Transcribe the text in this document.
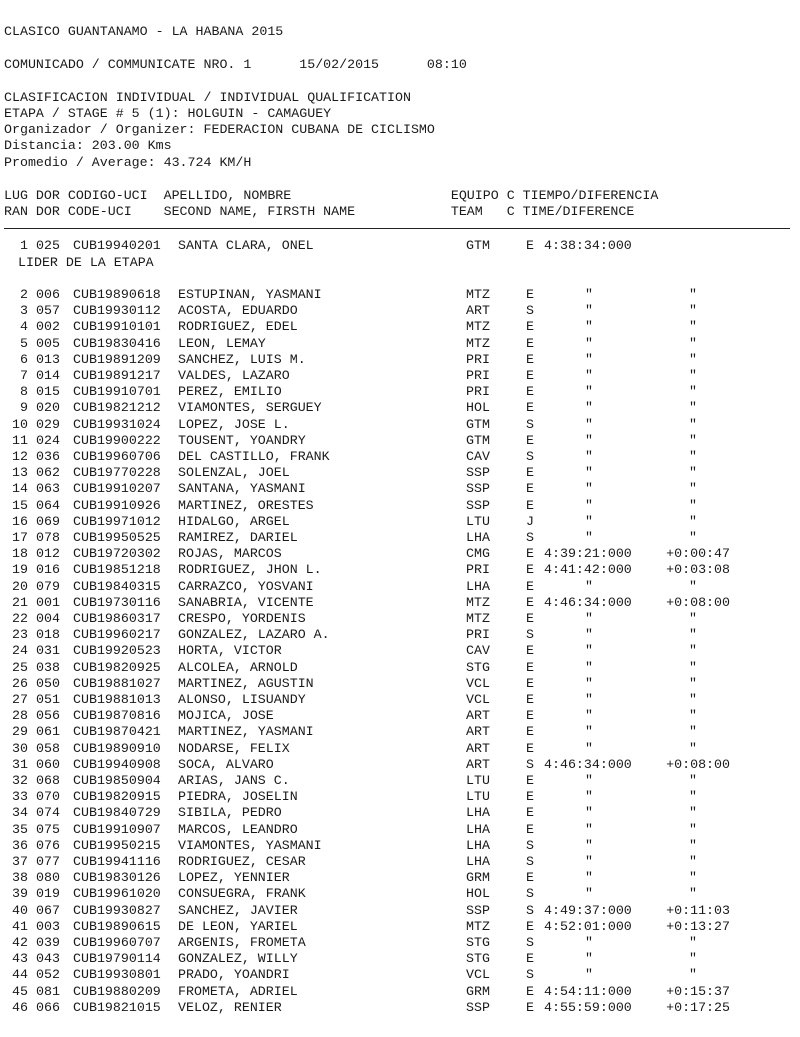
CLASICO GUANTANAMO - LA HABANA 2015
COMUNICADO / COMMUNICATE NRO. 1      15/02/2015      08:10
CLASIFICACION INDIVIDUAL / INDIVIDUAL QUALIFICATION
ETAPA / STAGE # 5 (1): HOLGUIN - CAMAGUEY
Organizador / Organizer: FEDERACION CUBANA DE CICLISMO
Distancia: 203.00 Kms
Promedio / Average: 43.724 KM/H
LUG DOR CODIGO-UCI  APELLIDO, NOMBRE                    EQUIPO C TIEMPO/DIFERENCIA
RAN DOR CODE-UCI    SECOND NAME, FIRSTH NAME            TEAM   C TIME/DIFERENCE
1 025 CUB19940201 SANTA CLARA, ONEL	GTM	E 4:38:34:000
LIDER DE LA ETAPA
2 006 CUB19890618 ESTUPINAN, YASMANI	MTZ	E	"	"
3 057 CUB19930112 ACOSTA, EDUARDO	ART	S	"	"
4 002 CUB19910101 RODRIGUEZ, EDEL	MTZ	E	"	"
5 005 CUB19830416 LEON, LEMAY	MTZ	E	"	"
6 013 CUB19891209 SANCHEZ, LUIS M.	PRI	E	"	"
7 014 CUB19891217 VALDES, LAZARO	PRI	E	"	"
8 015 CUB19910701 PEREZ, EMILIO	PRI	E	"	"
9 020 CUB19821212 VIAMONTES, SERGUEY	HOL	E	"	"
10 029 CUB19931024 LOPEZ, JOSE L.	GTM	S	"	"
11 024 CUB19900222 TOUSENT, YOANDRY	GTM	E	"	"
12 036 CUB19960706 DEL CASTILLO, FRANK	CAV	S	"	"
13 062 CUB19770228 SOLENZAL, JOEL	SSP	E	"	"
14 063 CUB19910207 SANTANA, YASMANI	SSP	E	"	"
15 064 CUB19910926 MARTINEZ, ORESTES	SSP	E	"	"
16 069 CUB19971012 HIDALGO, ARGEL	LTU	J	"	"
17 078 CUB19950525 RAMIREZ, DARIEL	LHA	S	"	"
18 012 CUB19720302 ROJAS, MARCOS	CMG	E 4:39:21:000	+0:00:47
19 016 CUB19851218 RODRIGUEZ, JHON L.	PRI	E 4:41:42:000	+0:03:08
20 079 CUB19840315 CARRAZCO, YOSVANI	LHA	E	"	"
21 001 CUB19730116 SANABRIA, VICENTE	MTZ	E 4:46:34:000	+0:08:00
22 004 CUB19860317 CRESPO, YORDENIS	MTZ	E	"	"
23 018 CUB19960217 GONZALEZ, LAZARO A.	PRI	S	"	"
24 031 CUB19920523 HORTA, VICTOR	CAV	E	"	"
25 038 CUB19820925 ALCOLEA, ARNOLD	STG	E	"	"
26 050 CUB19881027 MARTINEZ, AGUSTIN	VCL	E	"	"
27 051 CUB19881013 ALONSO, LISUANDY	VCL	E	"	"
28 056 CUB19870816 MOJICA, JOSE	ART	E	"	"
29 061 CUB19870421 MARTINEZ, YASMANI	ART	E	"	"
30 058 CUB19890910 NODARSE, FELIX	ART	E	"	"
31 060 CUB19940908 SOCA, ALVARO	ART	S 4:46:34:000	+0:08:00
32 068 CUB19850904 ARIAS, JANS C.	LTU	E	"	"
33 070 CUB19820915 PIEDRA, JOSELIN	LTU	E	"	"
34 074 CUB19840729 SIBILA, PEDRO	LHA	E	"	"
35 075 CUB19910907 MARCOS, LEANDRO	LHA	E	"	"
36 076 CUB19950215 VIAMONTES, YASMANI	LHA	S	"	"
37 077 CUB19941116 RODRIGUEZ, CESAR	LHA	S	"	"
38 080 CUB19830126 LOPEZ, YENNIER	GRM	E	"	"
39 019 CUB19961020 CONSUEGRA, FRANK	HOL	S	"	"
40 067 CUB19930827 SANCHEZ, JAVIER	SSP	S 4:49:37:000	+0:11:03
41 003 CUB19890615 DE LEON, YARIEL	MTZ	E 4:52:01:000	+0:13:27
42 039 CUB19960707 ARGENIS, FROMETA	STG	S	"	"
43 043 CUB19790114 GONZALEZ, WILLY	STG	E	"	"
44 052 CUB19930801 PRADO, YOANDRI	VCL	S	"	"
45 081 CUB19880209 FROMETA, ADRIEL	GRM	E 4:54:11:000	+0:15:37
46 066 CUB19821015 VELOZ, RENIER	SSP	E 4:55:59:000	+0:17:25
